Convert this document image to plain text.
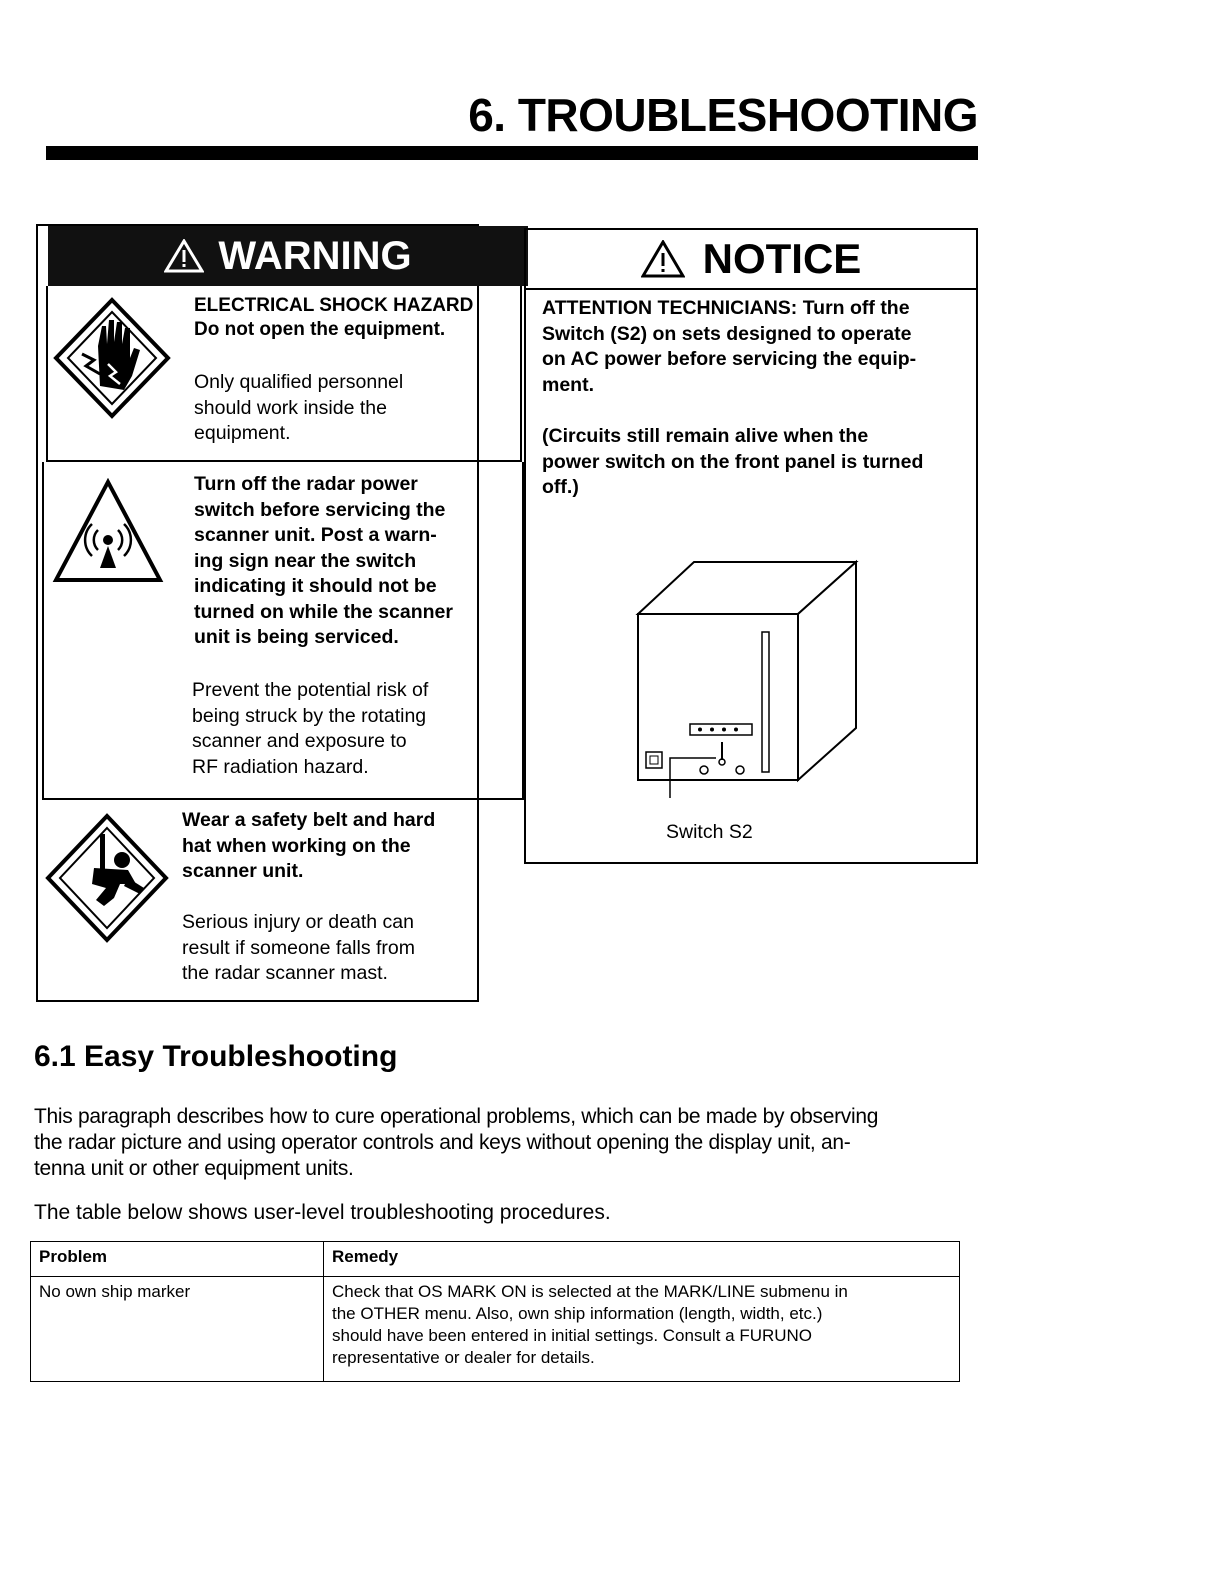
6. TROUBLESHOOTING
WARNING
ELECTRICAL SHOCK HAZARD
Do not open the equipment.
Only qualified personnel
should work inside the
equipment.
Turn off the radar power
switch before servicing the
scanner unit. Post a warn-
ing sign near the switch
indicating it should not be
turned on while the scanner
unit is being serviced.
Prevent the potential risk of
being struck by the rotating
scanner and exposure to
RF radiation hazard.
Wear a safety belt and hard
hat when working on the
scanner unit.
Serious injury or death can
result if someone falls from
the radar scanner mast.
NOTICE
ATTENTION TECHNICIANS: Turn off the
Switch (S2) on sets designed to operate
on AC power before servicing the equip-
ment.
(Circuits still remain alive when the
power switch on the front panel is turned
off.)
Switch S2
6.1 Easy Troubleshooting
This paragraph describes how to cure operational problems, which can be made by observing
the radar picture and using operator controls and keys without opening the display unit, an-
tenna unit or other equipment units.
The table below shows user-level troubleshooting procedures.
Problem	Remedy
No own ship marker	Check that OS MARK ON is selected at the MARK/LINE submenu in
the OTHER menu. Also, own ship information (length, width, etc.)
should have been entered in initial settings. Consult a FURUNO
representative or dealer for details.
